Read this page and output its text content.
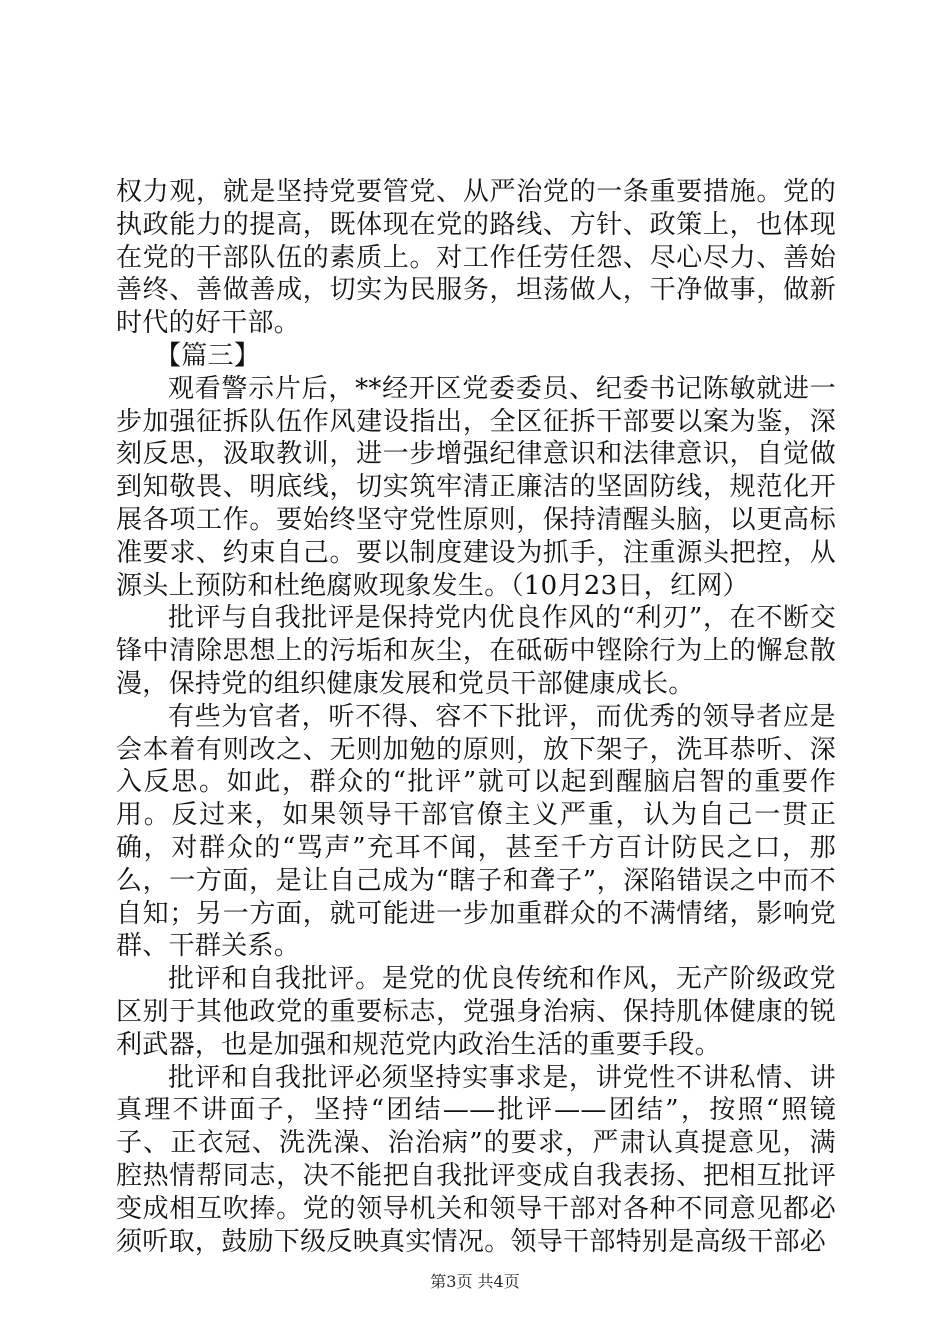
权力观，就是坚持党要管党、从严治党的一条重要措施。党的执政能力的提高，既体现在党的路线、方针、政策上，也体现在党的干部队伍的素质上。对工作任劳任怨、尽心尽力、善始善终、善做善成，切实为民服务，坦荡做人，干净做事，做新时代的好干部。

【篇三】

观看警示片后，**经开区党委委员、纪委书记陈敏就进一步加强征拆队伍作风建设指出，全区征拆干部要以案为鉴，深刻反思，汲取教训，进一步增强纪律意识和法律意识，自觉做到知敬畏、明底线，切实筑牢清正廉洁的坚固防线，规范化开展各项工作。要始终坚守党性原则，保持清醒头脑，以更高标准要求、约束自己。要以制度建设为抓手，注重源头把控，从源头上预防和杜绝腐败现象发生。（10月23日，红网）

批评与自我批评是保持党内优良作风的“利刃”，在不断交锋中清除思想上的污垢和灰尘，在砥砺中铿除行为上的懈怠散漫，保持党的组织健康发展和党员干部健康成长。

有些为官者，听不得、容不下批评，而优秀的领导者应是会本着有则改之、无则加勉的原则，放下架子，洗耳恭听、深入反思。如此，群众的“批评”就可以起到醒脑启智的重要作用。反过来，如果领导干部官僚主义严重，认为自己一贯正确，对群众的“骂声”充耳不闻，甚至千方百计防民之口，那么，一方面，是让自己成为“瞎子和聋子”，深陷错误之中而不自知；另一方面，就可能进一步加重群众的不满情绪，影响党群、干群关系。

批评和自我批评。是党的优良传统和作风，无产阶级政党区别于其他政党的重要标志，党强身治病、保持肌体健康的锐利武器，也是加强和规范党内政治生活的重要手段。

批评和自我批评必须坚持实事求是，讲党性不讲私情、讲真理不讲面子，坚持“团结——批评——团结”，按照“照镜子、正衣冠、洗洗澡、治治病”的要求，严肃认真提意见，满腔热情帮同志，决不能把自我批评变成自我表扬、把相互批评变成相互吹捧。党的领导机关和领导干部对各种不同意见都必须听取，鼓励下级反映真实情况。领导干部特别是高级干部必

第3页 共4页
